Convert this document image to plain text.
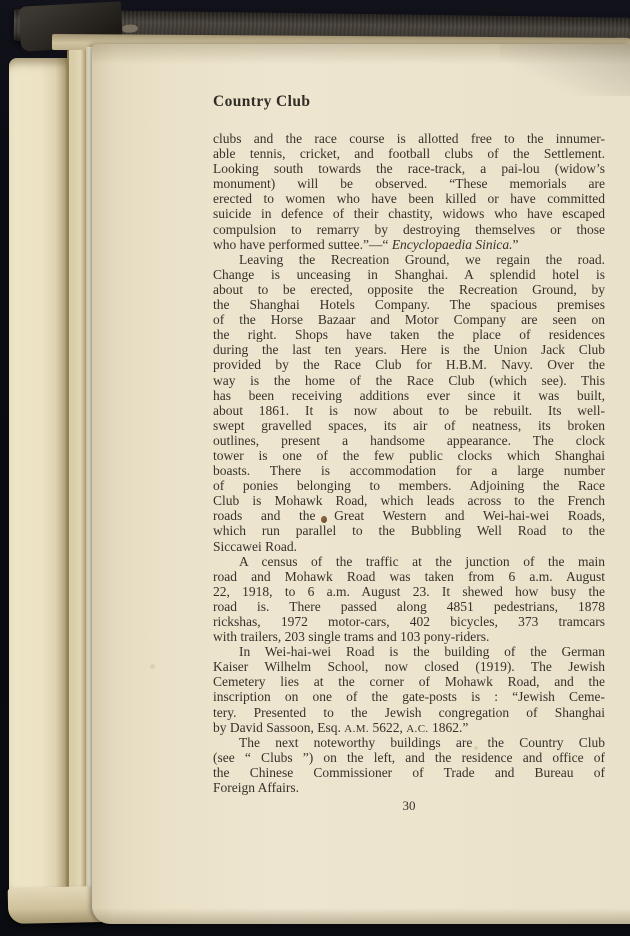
Country Club
clubs and the race course is allotted free to the innumer-
able tennis, cricket, and football clubs of the Settlement.
Looking south towards the race-track, a pai-lou (widow’s
monument) will be observed. “These memorials are
erected to women who have been killed or have committed
suicide in defence of their chastity, widows who have escaped
compulsion to remarry by destroying themselves or those
who have performed suttee.”—“ Encyclopaedia Sinica.”
Leaving the Recreation Ground, we regain the road.
Change is unceasing in Shanghai. A splendid hotel is
about to be erected, opposite the Recreation Ground, by
the Shanghai Hotels Company. The spacious premises
of the Horse Bazaar and Motor Company are seen on
the right. Shops have taken the place of residences
during the last ten years. Here is the Union Jack Club
provided by the Race Club for H.B.M. Navy. Over the
way is the home of the Race Club (which see). This
has been receiving additions ever since it was built,
about 1861. It is now about to be rebuilt. Its well-
swept gravelled spaces, its air of neatness, its broken
outlines, present a handsome appearance. The clock
tower is one of the few public clocks which Shanghai
boasts. There is accommodation for a large number
of ponies belonging to members. Adjoining the Race
Club is Mohawk Road, which leads across to the French
roads and the Great Western and Wei-hai-wei Roads,
which run parallel to the Bubbling Well Road to the
Siccawei Road.
A census of the traffic at the junction of the main
road and Mohawk Road was taken from 6 a.m. August
22, 1918, to 6 a.m. August 23. It shewed how busy the
road is. There passed along 4851 pedestrians, 1878
rickshas, 1972 motor-cars, 402 bicycles, 373 tramcars
with trailers, 203 single trams and 103 pony-riders.
In Wei-hai-wei Road is the building of the German
Kaiser Wilhelm School, now closed (1919). The Jewish
Cemetery lies at the corner of Mohawk Road, and the
inscription on one of the gate-posts is : “Jewish Ceme-
tery. Presented to the Jewish congregation of Shanghai
by David Sassoon, Esq. A.M. 5622, A.C. 1862.”
The next noteworthy buildings are the Country Club
(see “ Clubs ”) on the left, and the residence and office of
the Chinese Commissioner of Trade and Bureau of
Foreign Affairs.
30
